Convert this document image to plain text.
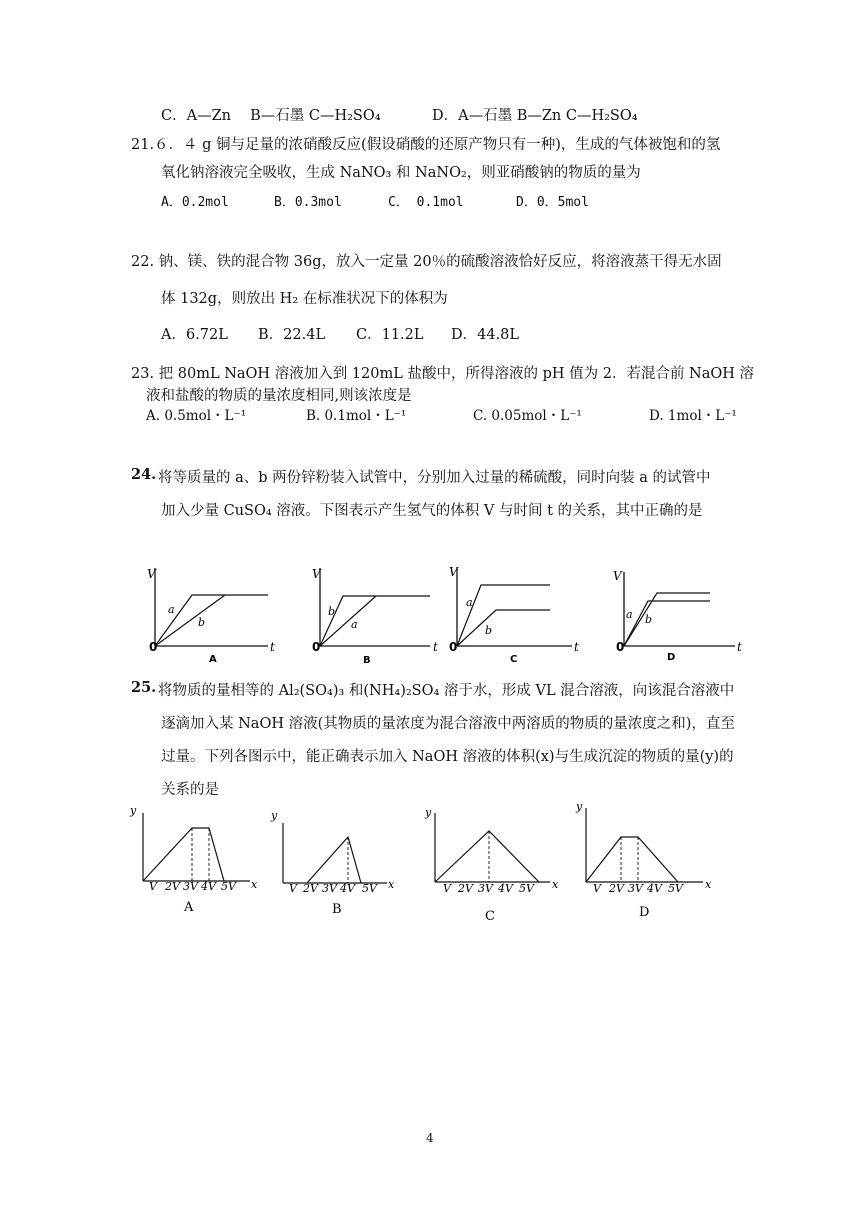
C．A—Zn 　B—石墨 C—H₂SO₄	D．A—石墨 B—Zn C—H₂SO₄
21.６．４ g 铜与足量的浓硝酸反应(假设硝酸的还原产物只有一种)，生成的气体被饱和的氢
氧化钠溶液完全吸收，生成 NaNO₃ 和 NaNO₂，则亚硝酸钠的物质的量为
A．0.2mol	B．0.3mol	C． 0.1mol	D．0．5mol
22. 钠、镁、铁的混合物 36g，放入一定量 20％的硫酸溶液恰好反应，将溶液蒸干得无水固
体 132g，则放出 H₂ 在标准状况下的体积为
A．6.72L B．22.4L C．11.2L D．44.8L
23. 把 80mL NaOH 溶液加入到 120mL 盐酸中，所得溶液的 pH 值为 2．若混合前 NaOH 溶
液和盐酸的物质的量浓度相同,则该浓度是
A. 0.5mol・L⁻¹	B. 0.1mol・L⁻¹	C. 0.05mol・L⁻¹	D. 1mol・L⁻¹
24. 将等质量的 a、b 两份锌粉装入试管中，分别加入过量的稀硫酸，同时向装 a 的试管中
加入少量 CuSO₄ 溶液。下图表示产生氢气的体积 V 与时间 t 的关系，其中正确的是
V
t
0
a
b
A
V
t
0
b
a
B
V
t
0
a
b
C
V
t
0
a b
D
25. 将物质的量相等的 Al₂(SO₄)₃ 和(NH₄)₂SO₄ 溶于水，形成 VL 混合溶液，向该混合溶液中
逐滴加入某 NaOH 溶液(其物质的量浓度为混合溶液中两溶质的物质的量浓度之和)，直至
过量。下列各图示中，能正确表示加入 NaOH 溶液的体积(x)与生成沉淀的物质的量(y)的
关系的是
y
x
V 2V 3V 4V 5V
A
y
x
V 2V 3V 4V 5V
B
y
x
V 2V 3V 4V 5V
C
y
x
V 2V 3V 4V 5V
D
4
